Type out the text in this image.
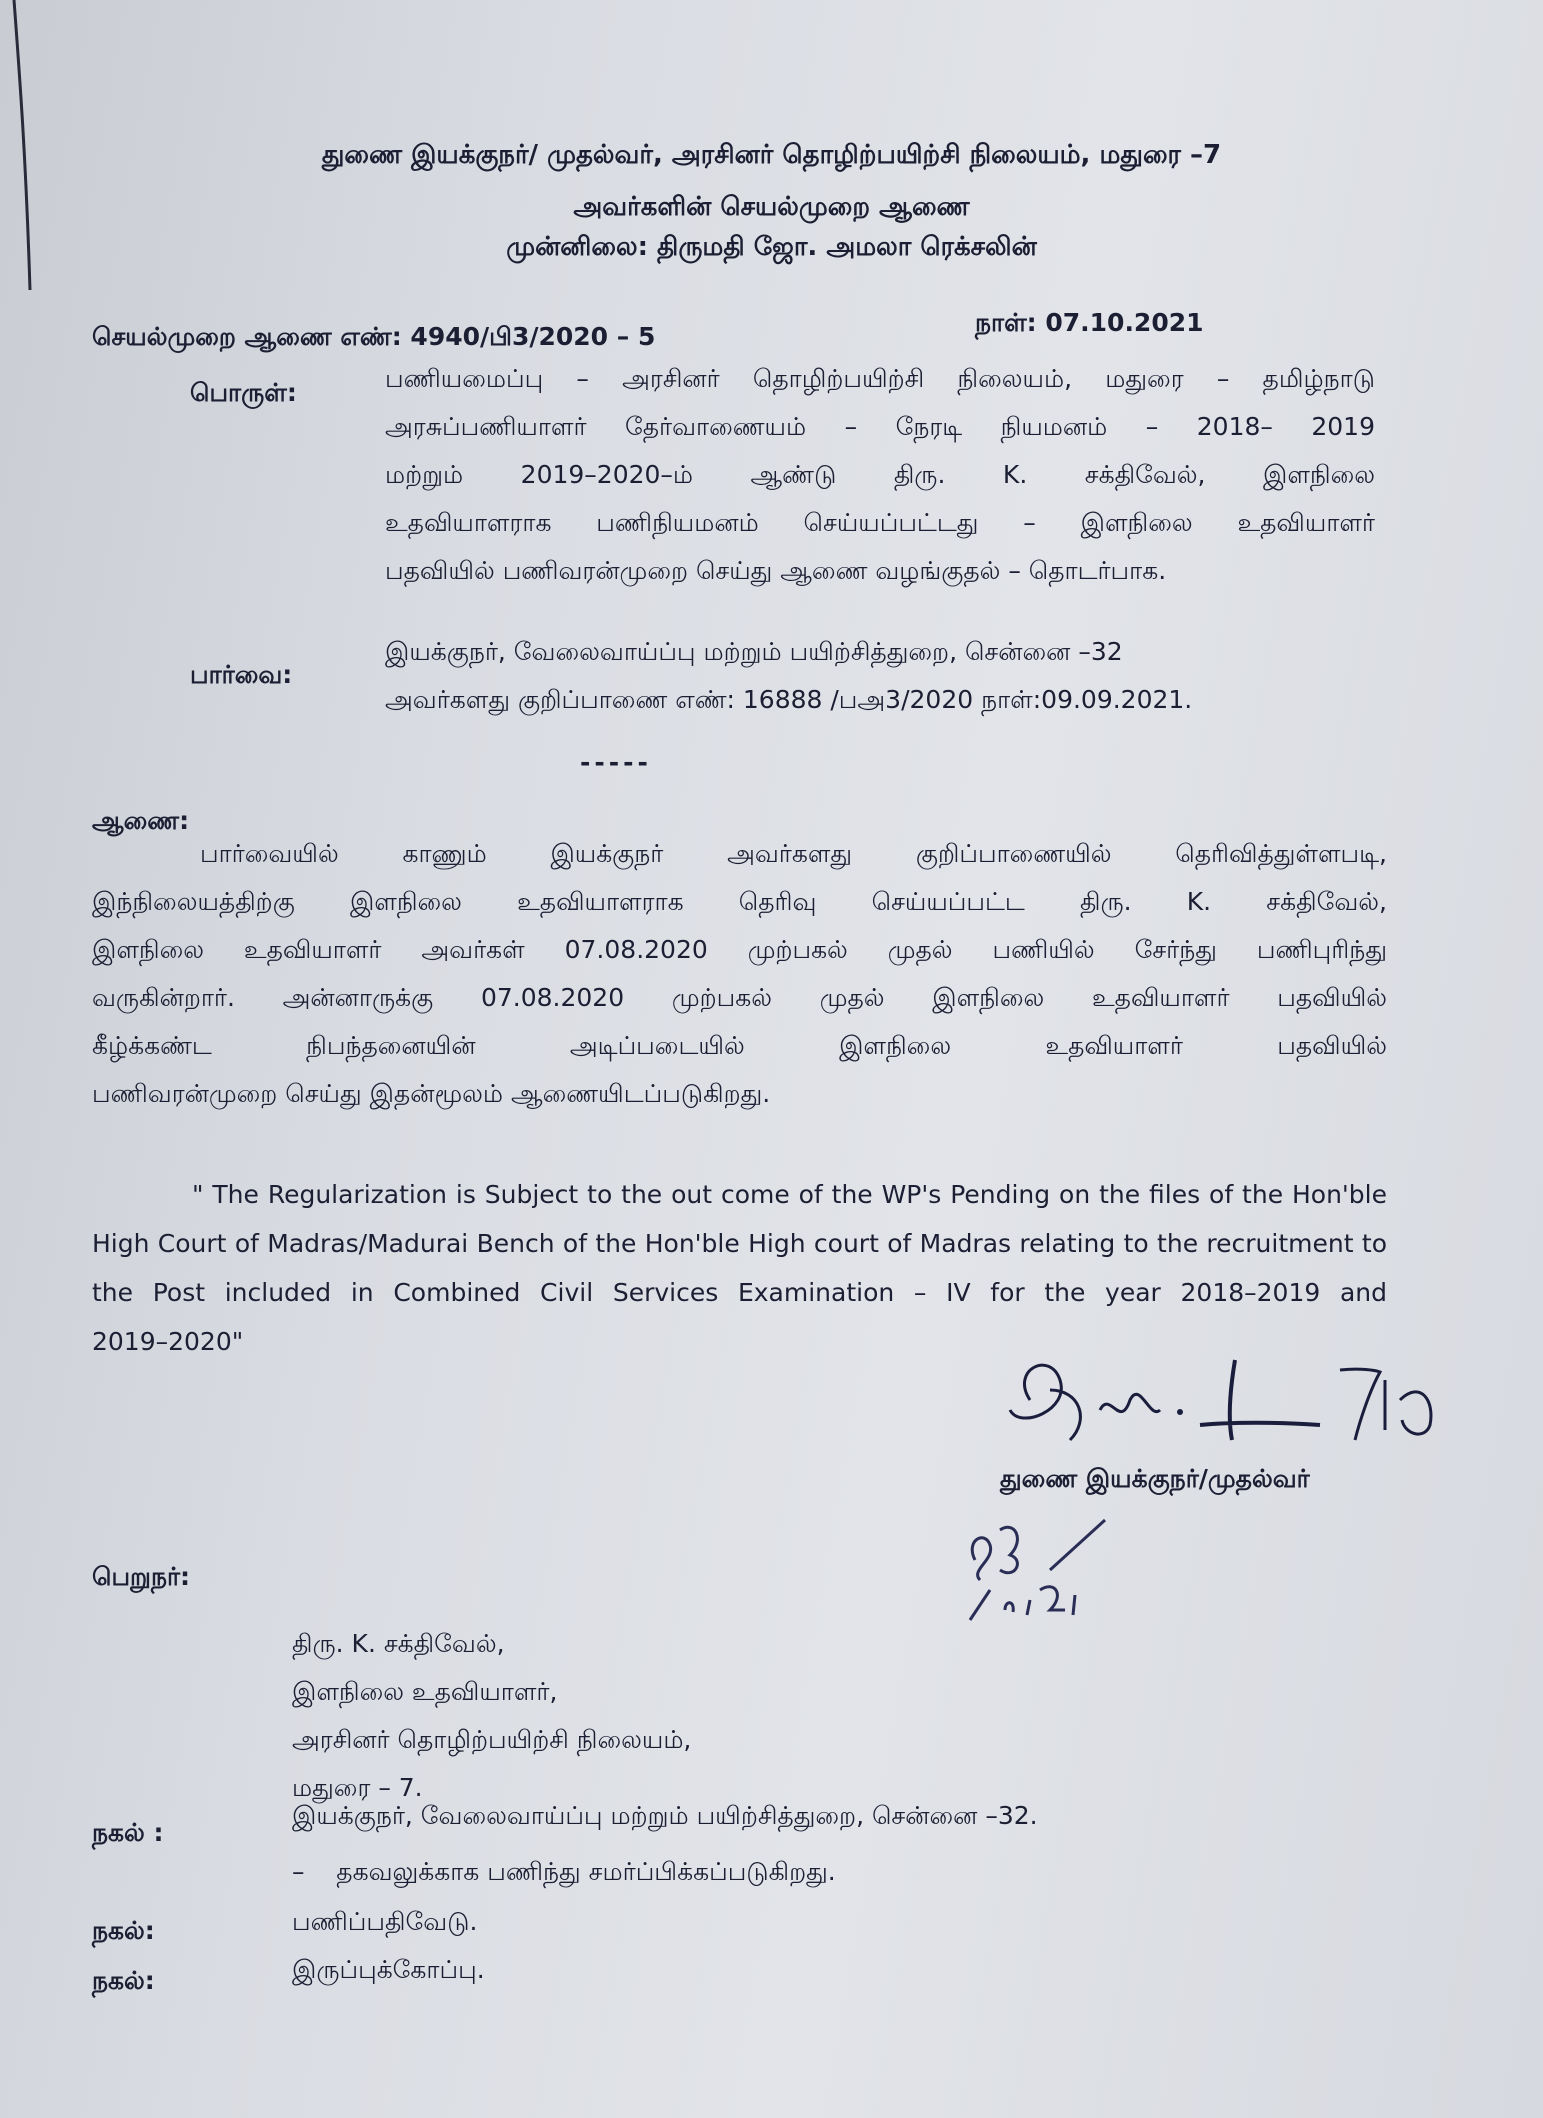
துணை இயக்குநர்/ முதல்வர், அரசினர் தொழிற்பயிற்சி நிலையம், மதுரை –7

அவர்களின் செயல்முறை ஆணை

முன்னிலை: திருமதி ஜோ. அமலா ரெக்சலின்

செயல்முறை ஆணை எண்: 4940/பி3/2020 – 5	நாள்: 07.10.2021

பொருள்:	பணியமைப்பு – அரசினர் தொழிற்பயிற்சி நிலையம், மதுரை – தமிழ்நாடு
அரசுப்பணியாளர் தேர்வாணையம் – நேரடி நியமனம் – 2018– 2019
மற்றும் 2019–2020–ம் ஆண்டு திரு. K. சக்திவேல், இளநிலை
உதவியாளராக பணிநியமனம் செய்யப்பட்டது – இளநிலை உதவியாளர்
பதவியில் பணிவரன்முறை செய்து ஆணை வழங்குதல் – தொடர்பாக.

பார்வை:

இயக்குநர், வேலைவாய்ப்பு மற்றும் பயிற்சித்துறை, சென்னை –32
அவர்களது குறிப்பாணை எண்: 16888 /பஅ3/2020 நாள்:09.09.2021.

-----

ஆணை:

பார்வையில் காணும் இயக்குநர் அவர்களது குறிப்பாணையில் தெரிவித்துள்ளபடி,
இந்நிலையத்திற்கு இளநிலை உதவியாளராக தெரிவு செய்யப்பட்ட திரு. K. சக்திவேல்,
இளநிலை உதவியாளர் அவர்கள் 07.08.2020 முற்பகல் முதல் பணியில் சேர்ந்து பணிபுரிந்து
வருகின்றார். அன்னாருக்கு 07.08.2020 முற்பகல் முதல் இளநிலை உதவியாளர் பதவியில்
கீழ்க்கண்ட நிபந்தனையின் அடிப்படையில் இளநிலை உதவியாளர் பதவியில்
பணிவரன்முறை செய்து இதன்மூலம் ஆணையிடப்படுகிறது.
" The Regularization is Subject to the out come of the WP's Pending on the files of the Hon'ble
High Court of Madras/Madurai Bench of the Hon'ble High court of Madras relating to the recruitment to
the Post included in Combined Civil Services Examination – IV for the year 2018–2019 and
2019–2020"

துணை இயக்குநர்/முதல்வர்

பெறுநர்:

திரு. K. சக்திவேல்,
இளநிலை உதவியாளர்,
அரசினர் தொழிற்பயிற்சி நிலையம்,
மதுரை – 7.

நகல் :

இயக்குநர், வேலைவாய்ப்பு மற்றும் பயிற்சித்துறை, சென்னை –32.

–    தகவலுக்காக பணிந்து சமர்ப்பிக்கப்படுகிறது.

நகல்:	பணிப்பதிவேடு.

நகல்:	இருப்புக்கோப்பு.
